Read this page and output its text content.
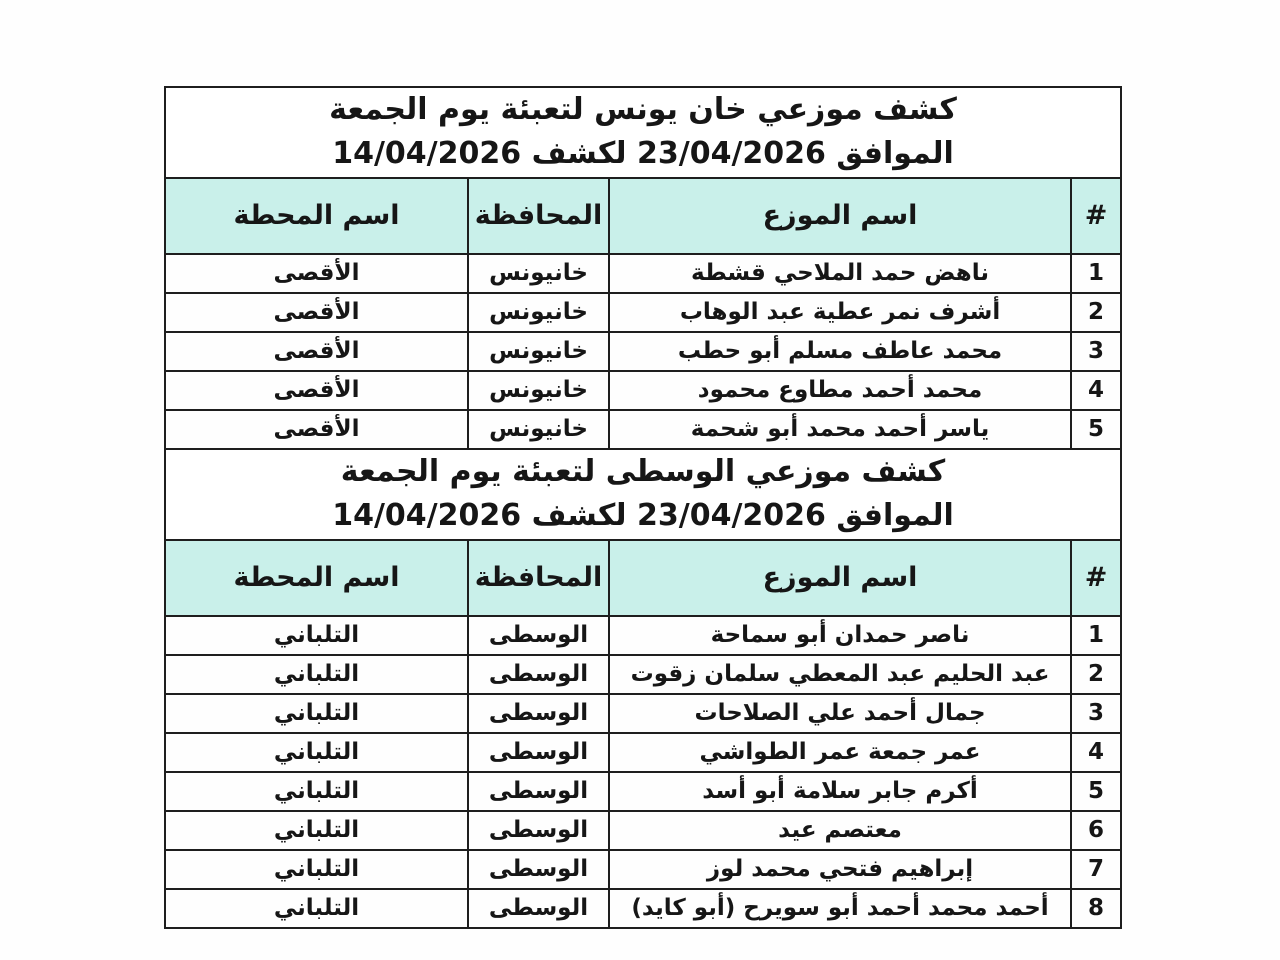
كشف موزعي خان يونس لتعبئة يوم الجمعة
الموافق 23/04/2026 لكشف 14/04/2026			

#	اسم الموزع	المحافظة	اسم المحطة
1	ناهض حمد الملاحي قشطة	خانيونس	الأقصى
2	أشرف نمر عطية عبد الوهاب	خانيونس	الأقصى
3	محمد عاطف مسلم أبو حطب	خانيونس	الأقصى
4	محمد أحمد مطاوع محمود	خانيونس	الأقصى
5	ياسر أحمد محمد أبو شحمة	خانيونس	الأقصى

كشف موزعي الوسطى لتعبئة يوم الجمعة
الموافق 23/04/2026 لكشف 14/04/2026			

#	اسم الموزع	المحافظة	اسم المحطة
1	ناصر حمدان أبو سماحة	الوسطى	التلباني
2	عبد الحليم عبد المعطي سلمان زقوت	الوسطى	التلباني
3	جمال أحمد علي الصلاحات	الوسطى	التلباني
4	عمر جمعة عمر الطواشي	الوسطى	التلباني
5	أكرم جابر سلامة أبو أسد	الوسطى	التلباني
6	معتصم عيد	الوسطى	التلباني
7	إبراهيم فتحي محمد لوز	الوسطى	التلباني
8	أحمد محمد أحمد أبو سويرح (أبو كايد)	الوسطى	التلباني
